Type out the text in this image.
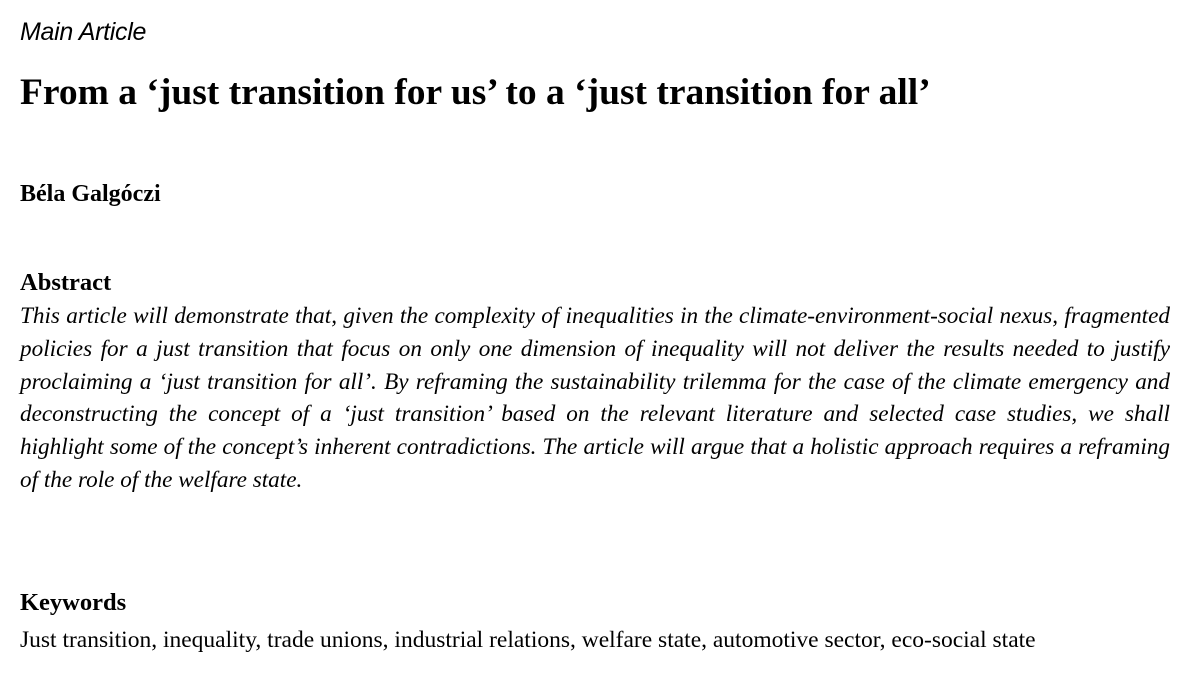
Main Article
From a ‘just transition for us’ to a ‘just transition for all’
Béla Galgóczi
Abstract

This article will demonstrate that, given the complexity of inequalities in the climate-environment-social nexus, fragmented policies for a just transition that focus on only one dimension of inequality will not deliver the results needed to justify proclaiming a ‘just transition for all’. By reframing the sustainability trilemma for the case of the climate emergency and deconstructing the concept of a ‘just transition’ based on the relevant literature and selected case studies, we shall highlight some of the concept’s inherent contradictions. The article will argue that a holistic approach requires a reframing of the role of the welfare state.

Keywords

Just transition, inequality, trade unions, industrial relations, welfare state, automotive sector, eco-social state
